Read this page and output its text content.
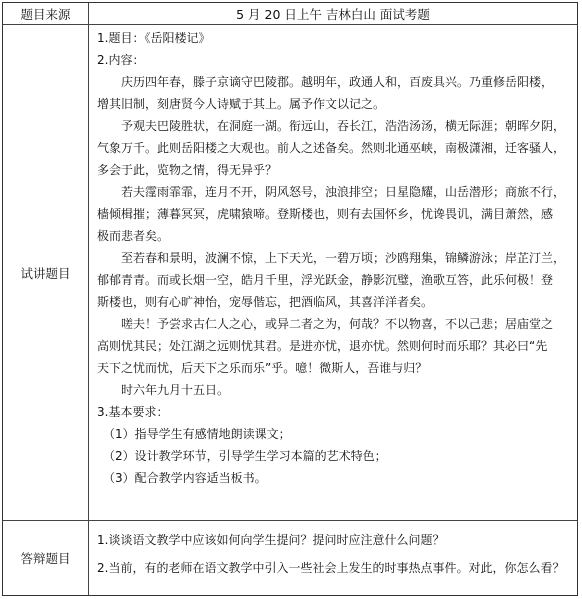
题目来源	5 月 20 日上午 吉林白山 面试考题
试讲题目
1.题目：《岳阳楼记》
2.内容：
庆历四年春，滕子京谪守巴陵郡。越明年，政通人和，百废具兴。乃重修岳阳楼，
增其旧制，刻唐贤今人诗赋于其上。属予作文以记之。
予观夫巴陵胜状，在洞庭一湖。衔远山，吞长江，浩浩汤汤，横无际涯；朝晖夕阴，
气象万千。此则岳阳楼之大观也。前人之述备矣。然则北通巫峡，南极潇湘，迁客骚人，
多会于此，览物之情，得无异乎？
若夫霪雨霏霏，连月不开，阴风怒号，浊浪排空；日星隐耀，山岳潜形；商旅不行，
樯倾楫摧；薄暮冥冥，虎啸猿啼。登斯楼也，则有去国怀乡，忧谗畏讥，满目萧然，感
极而悲者矣。
至若春和景明，波澜不惊，上下天光，一碧万顷；沙鸥翔集，锦鳞游泳；岸芷汀兰，
郁郁青青。而或长烟一空，皓月千里，浮光跃金，静影沉璧，渔歌互答，此乐何极！登
斯楼也，则有心旷神怡，宠辱偕忘，把酒临风，其喜洋洋者矣。
嗟夫！予尝求古仁人之心，或异二者之为，何哉？不以物喜，不以己悲；居庙堂之
高则忧其民；处江湖之远则忧其君。是进亦忧，退亦忧。然则何时而乐耶？其必曰“先
天下之忧而忧，后天下之乐而乐”乎。噫！微斯人，吾谁与归？
时六年九月十五日。
3.基本要求：
（1）指导学生有感情地朗读课文；
（2）设计教学环节，引导学生学习本篇的艺术特色；
（3）配合教学内容适当板书。
答辩题目
1.谈谈语文教学中应该如何向学生提问？提问时应注意什么问题？
2.当前，有的老师在语文教学中引入一些社会上发生的时事热点事件。对此，你怎么看？
